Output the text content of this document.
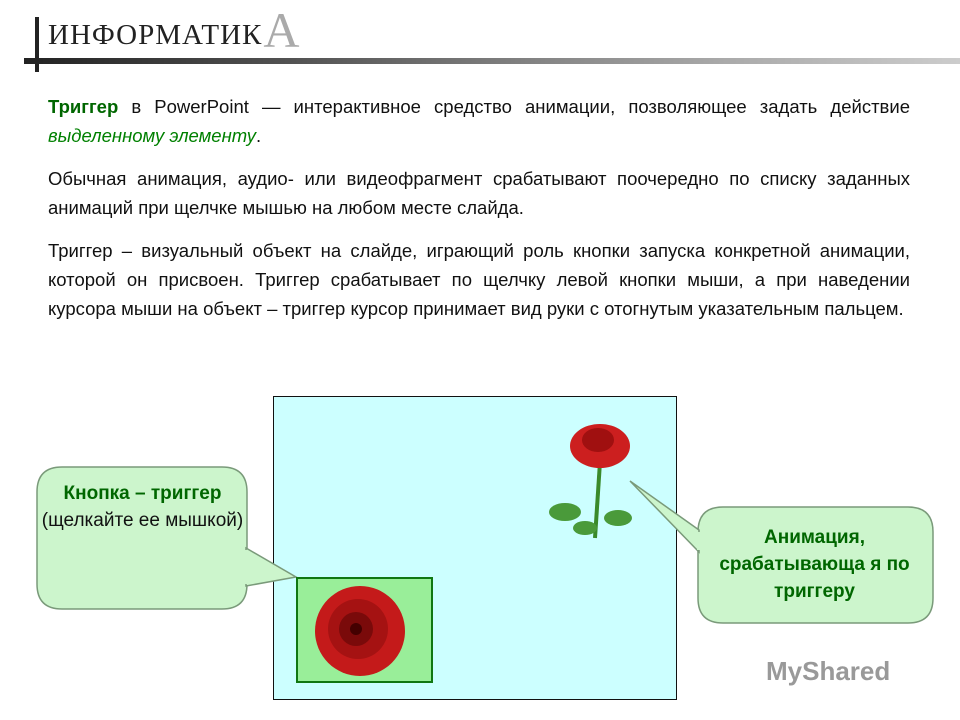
ИНФОРМАТИК А

Триггер в PowerPoint — интерактивное средство анимации, позволяющее задать действие выделенному элементу.

Обычная анимация, аудио- или видеофрагмент срабатывают поочередно по списку заданных анимаций при щелчке мышью на любом месте слайда.

Триггер – визуальный объект на слайде, играющий роль кнопки запуска конкретной анимации, которой он присвоен. Триггер срабатывает по щелчку левой кнопки мыши, а при наведении курсора мыши на объект – триггер курсор принимает вид руки с отогнутым указательным пальцем.

Кнопка – триггер
(щелкайте ее мышкой)
Анимация, срабатывающа я по триггеру
MyShared
